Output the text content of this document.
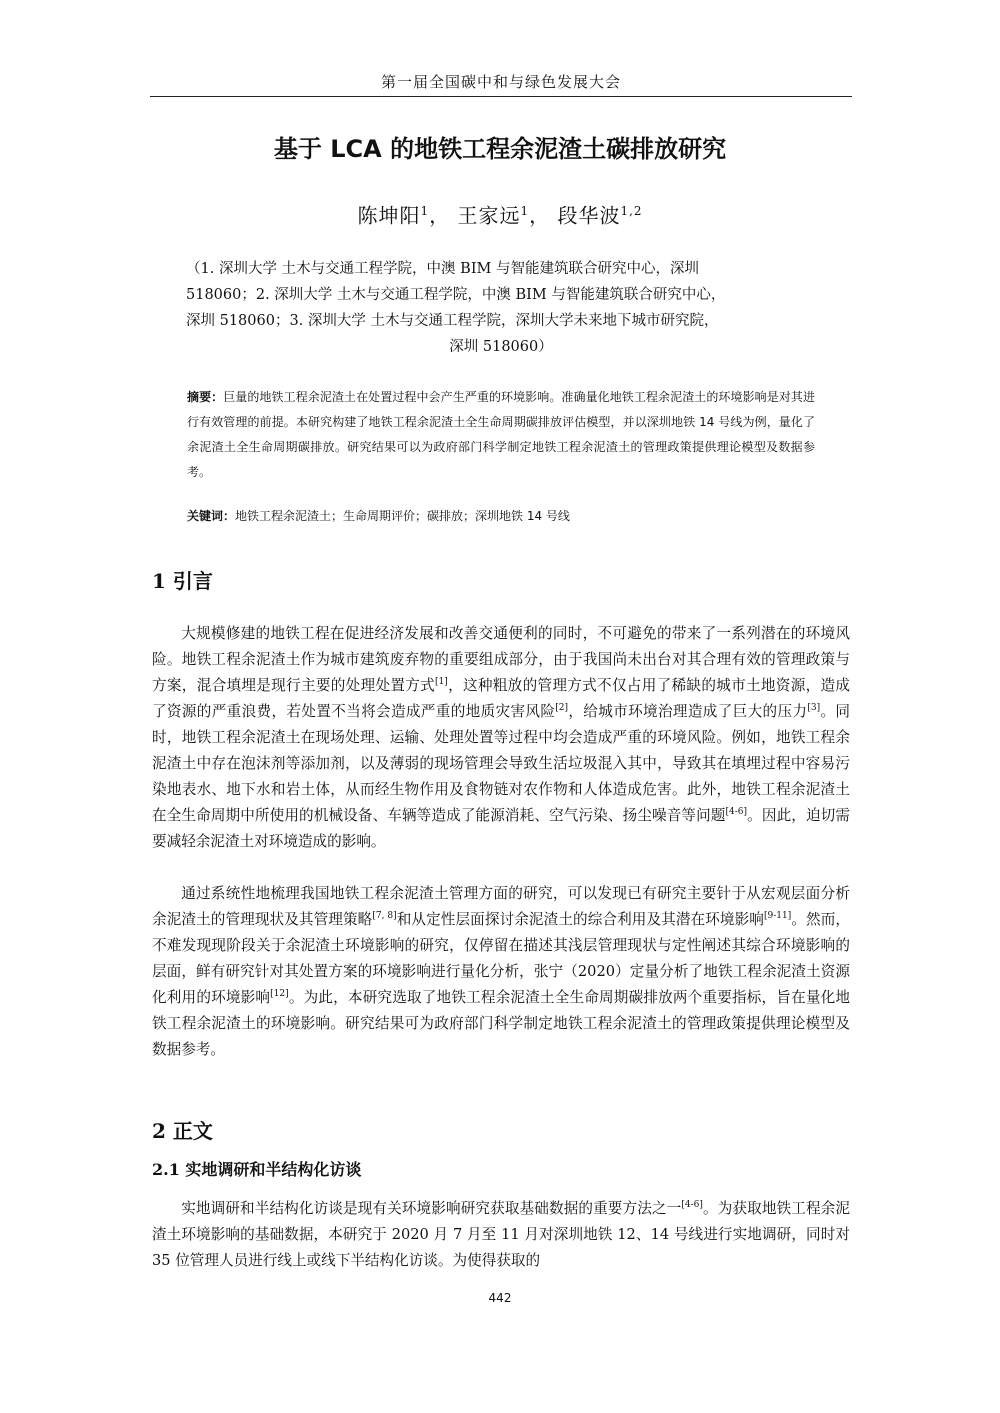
第一届全国碳中和与绿色发展大会
基于 LCA 的地铁工程余泥渣土碳排放研究
陈坤阳$^1$， 王家远$^1$， 段华波$^{1,2}$
（1. 深圳大学 土木与交通工程学院，中澳 BIM 与智能建筑联合研究中心，深圳
518060；2. 深圳大学 土木与交通工程学院，中澳 BIM 与智能建筑联合研究中心，
深圳 518060；3. 深圳大学 土木与交通工程学院，深圳大学未来地下城市研究院，
深圳 518060）
摘要：巨量的地铁工程余泥渣土在处置过程中会产生严重的环境影响。准确量化地铁工程余泥渣土的环境影响是对其进行有效管理的前提。本研究构建了地铁工程余泥渣土全生命周期碳排放评估模型，并以深圳地铁 14 号线为例，量化了余泥渣土全生命周期碳排放。研究结果可以为政府部门科学制定地铁工程余泥渣土的管理政策提供理论模型及数据参考。
关键词：地铁工程余泥渣土；生命周期评价；碳排放；深圳地铁 14 号线
1 引言
大规模修建的地铁工程在促进经济发展和改善交通便利的同时，不可避免的带来了一系列潜在的环境风险。地铁工程余泥渣土作为城市建筑废弃物的重要组成部分，由于我国尚未出台对其合理有效的管理政策与方案，混合填埋是现行主要的处理处置方式[1]，这种粗放的管理方式不仅占用了稀缺的城市土地资源，造成了资源的严重浪费，若处置不当将会造成严重的地质灾害风险[2]，给城市环境治理造成了巨大的压力[3]。同时，地铁工程余泥渣土在现场处理、运输、处理处置等过程中均会造成严重的环境风险。例如，地铁工程余泥渣土中存在泡沫剂等添加剂，以及薄弱的现场管理会导致生活垃圾混入其中，导致其在填埋过程中容易污染地表水、地下水和岩土体，从而经生物作用及食物链对农作物和人体造成危害。此外，地铁工程余泥渣土在全生命周期中所使用的机械设备、车辆等造成了能源消耗、空气污染、扬尘噪音等问题[4-6]。因此，迫切需要减轻余泥渣土对环境造成的影响。
通过系统性地梳理我国地铁工程余泥渣土管理方面的研究，可以发现已有研究主要针于从宏观层面分析余泥渣土的管理现状及其管理策略[7, 8]和从定性层面探讨余泥渣土的综合利用及其潜在环境影响[9-11]。然而，不难发现现阶段关于余泥渣土环境影响的研究，仅停留在描述其浅层管理现状与定性阐述其综合环境影响的层面，鲜有研究针对其处置方案的环境影响进行量化分析，张宁（2020）定量分析了地铁工程余泥渣土资源化利用的环境影响[12]。为此，本研究选取了地铁工程余泥渣土全生命周期碳排放两个重要指标，旨在量化地铁工程余泥渣土的环境影响。研究结果可为政府部门科学制定地铁工程余泥渣土的管理政策提供理论模型及数据参考。
2 正文
2.1 实地调研和半结构化访谈
实地调研和半结构化访谈是现有关环境影响研究获取基础数据的重要方法之一[4-6]。为获取地铁工程余泥渣土环境影响的基础数据，本研究于 2020 月 7 月至 11 月对深圳地铁 12、14 号线进行实地调研，同时对 35 位管理人员进行线上或线下半结构化访谈。为使得获取的
442
